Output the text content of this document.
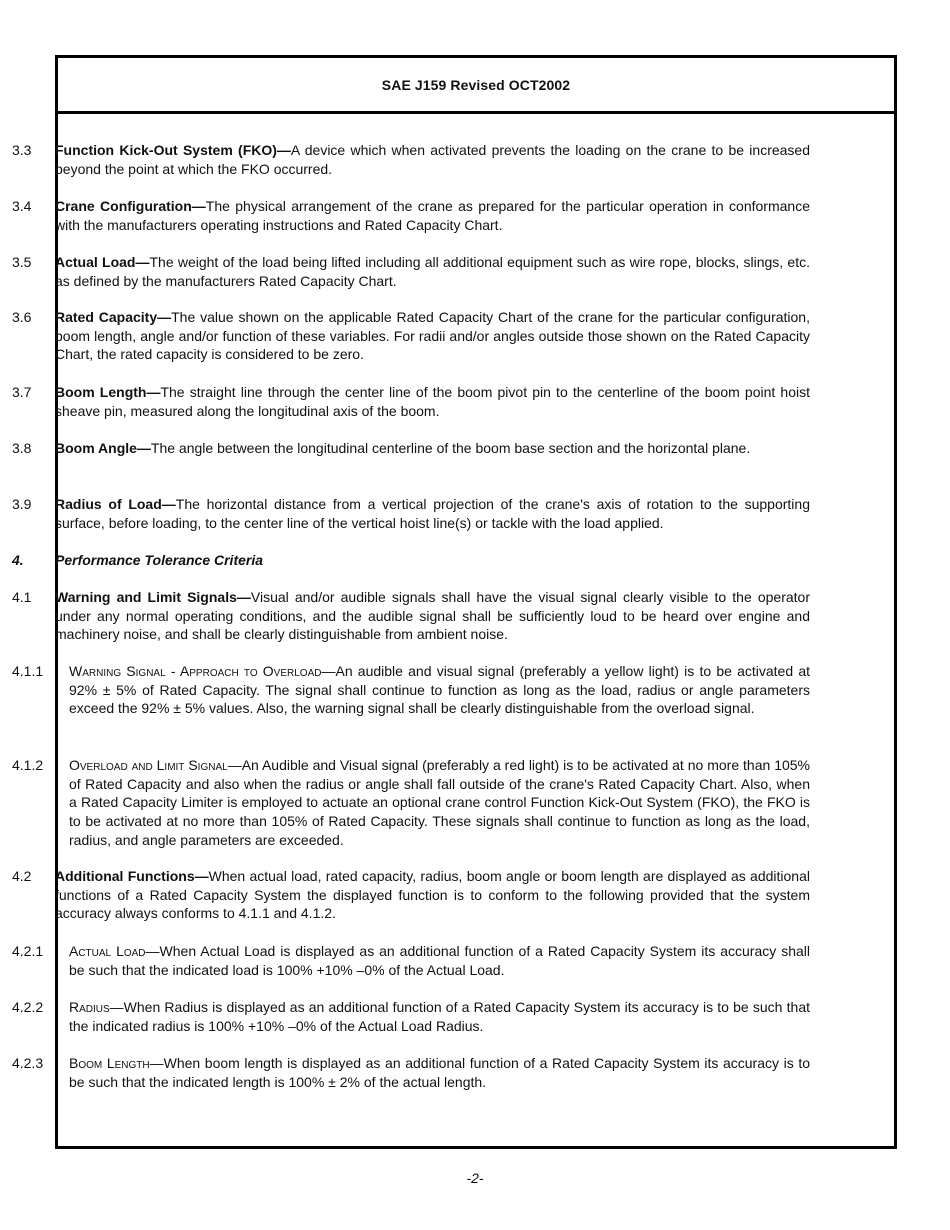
SAE J159 Revised OCT2002
3.3 Function Kick-Out System (FKO)—A device which when activated prevents the loading on the crane to be increased beyond the point at which the FKO occurred.
3.4 Crane Configuration—The physical arrangement of the crane as prepared for the particular operation in conformance with the manufacturers operating instructions and Rated Capacity Chart.
3.5 Actual Load—The weight of the load being lifted including all additional equipment such as wire rope, blocks, slings, etc. as defined by the manufacturers Rated Capacity Chart.
3.6 Rated Capacity—The value shown on the applicable Rated Capacity Chart of the crane for the particular configuration, boom length, angle and/or function of these variables. For radii and/or angles outside those shown on the Rated Capacity Chart, the rated capacity is considered to be zero.
3.7 Boom Length—The straight line through the center line of the boom pivot pin to the centerline of the boom point hoist sheave pin, measured along the longitudinal axis of the boom.
3.8 Boom Angle—The angle between the longitudinal centerline of the boom base section and the horizontal plane.
3.9 Radius of Load—The horizontal distance from a vertical projection of the crane's axis of rotation to the supporting surface, before loading, to the center line of the vertical hoist line(s) or tackle with the load applied.
4. Performance Tolerance Criteria
4.1 Warning and Limit Signals—Visual and/or audible signals shall have the visual signal clearly visible to the operator under any normal operating conditions, and the audible signal shall be sufficiently loud to be heard over engine and machinery noise, and shall be clearly distinguishable from ambient noise.
4.1.1 Warning Signal - Approach to Overload—An audible and visual signal (preferably a yellow light) is to be activated at 92% ± 5% of Rated Capacity. The signal shall continue to function as long as the load, radius or angle parameters exceed the 92% ± 5% values. Also, the warning signal shall be clearly distinguishable from the overload signal.
4.1.2 Overload and Limit Signal—An Audible and Visual signal (preferably a red light) is to be activated at no more than 105% of Rated Capacity and also when the radius or angle shall fall outside of the crane's Rated Capacity Chart. Also, when a Rated Capacity Limiter is employed to actuate an optional crane control Function Kick-Out System (FKO), the FKO is to be activated at no more than 105% of Rated Capacity. These signals shall continue to function as long as the load, radius, and angle parameters are exceeded.
4.2 Additional Functions—When actual load, rated capacity, radius, boom angle or boom length are displayed as additional functions of a Rated Capacity System the displayed function is to conform to the following provided that the system accuracy always conforms to 4.1.1 and 4.1.2.
4.2.1 Actual Load—When Actual Load is displayed as an additional function of a Rated Capacity System its accuracy shall be such that the indicated load is 100% +10% –0% of the Actual Load.
4.2.2 Radius—When Radius is displayed as an additional function of a Rated Capacity System its accuracy is to be such that the indicated radius is 100% +10% –0% of the Actual Load Radius.
4.2.3 Boom Length—When boom length is displayed as an additional function of a Rated Capacity System its accuracy is to be such that the indicated length is 100% ± 2% of the actual length.
-2-
